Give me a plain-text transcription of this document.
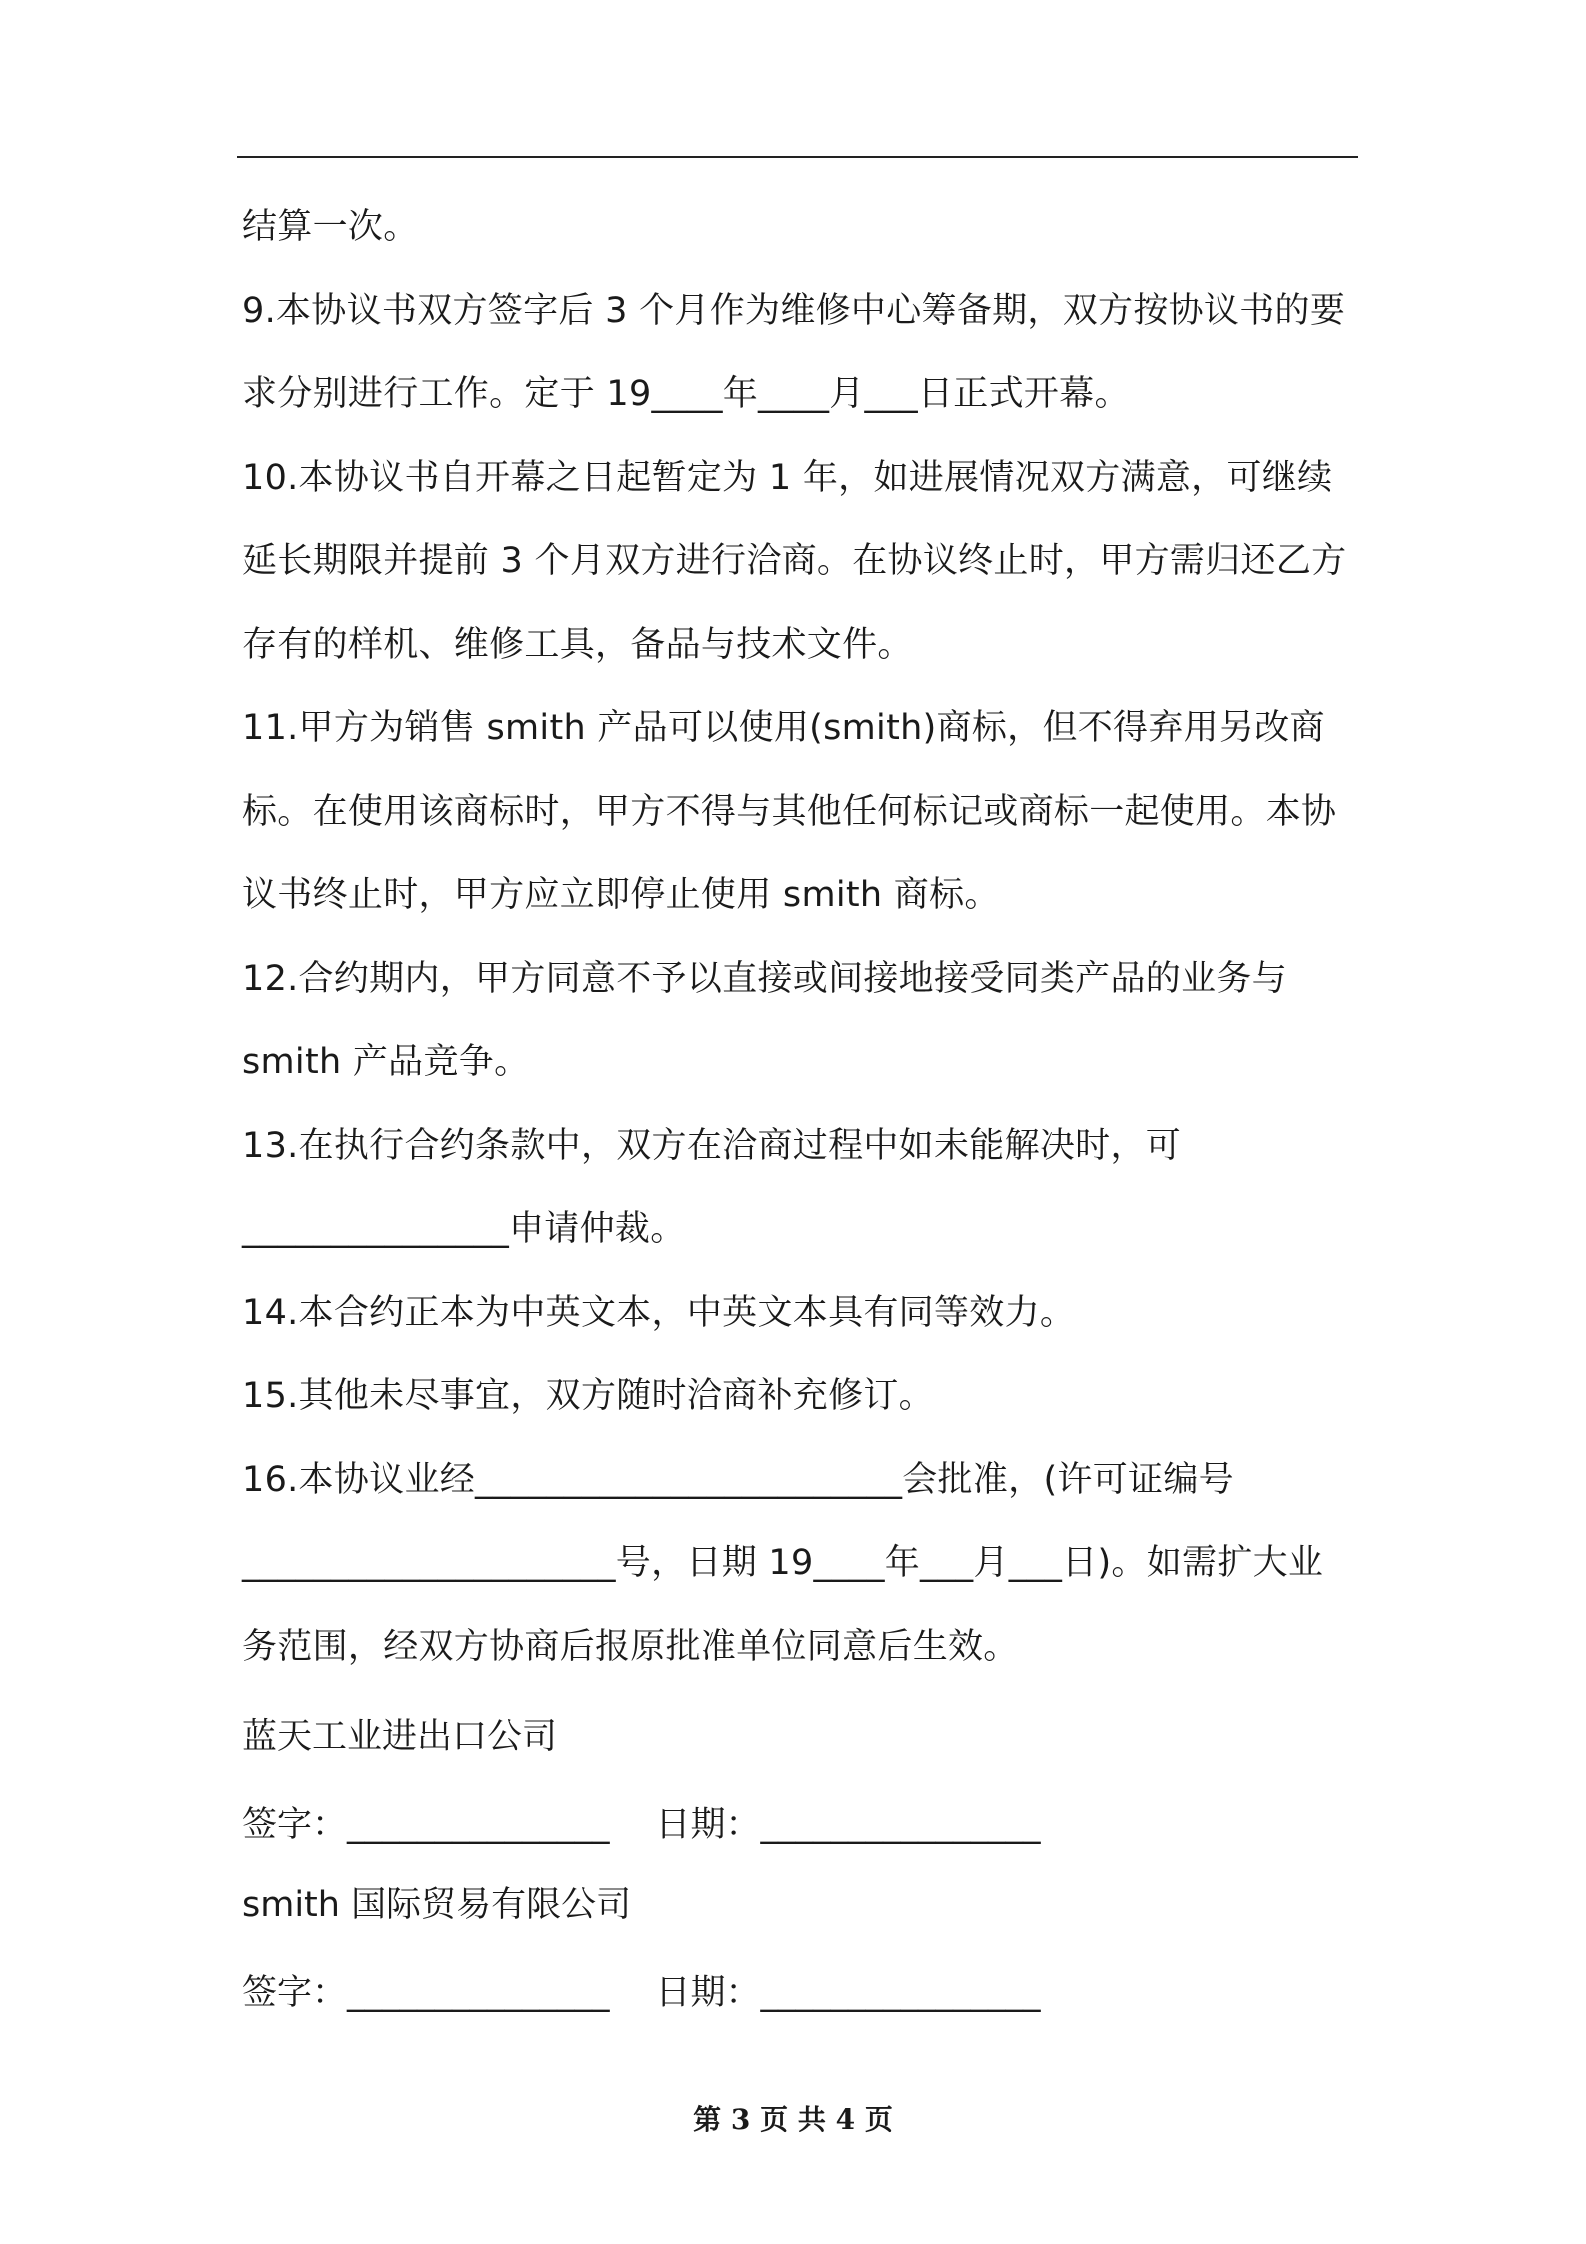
结算一次。

9.本协议书双方签字后 3 个月作为维修中心筹备期，双方按协议书的要求分别进行工作。定于 19____年____月___日正式开幕。

10.本协议书自开幕之日起暂定为 1 年，如进展情况双方满意，可继续延长期限并提前 3 个月双方进行洽商。在协议终止时，甲方需归还乙方存有的样机、维修工具，备品与技术文件。

11.甲方为销售 smith 产品可以使用(smith)商标，但不得弃用另改商标。在使用该商标时，甲方不得与其他任何标记或商标一起使用。本协议书终止时，甲方应立即停止使用 smith 商标。

12.合约期内，甲方同意不予以直接或间接地接受同类产品的业务与 smith 产品竞争。

13.在执行合约条款中，双方在洽商过程中如未能解决时，可_______________申请仲裁。

14.本合约正本为中英文本，中英文本具有同等效力。

15.其他未尽事宜，双方随时洽商补充修订。

16.本协议业经________________________会批准，(许可证编号_____________________号，日期 19____年___月___日)。如需扩大业务范围，经双方协商后报原批准单位同意后生效。

蓝天工业进出口公司
签字：_______________ 日期：________________
smith 国际贸易有限公司
签字：_______________ 日期：________________
第 3 页 共 4 页
